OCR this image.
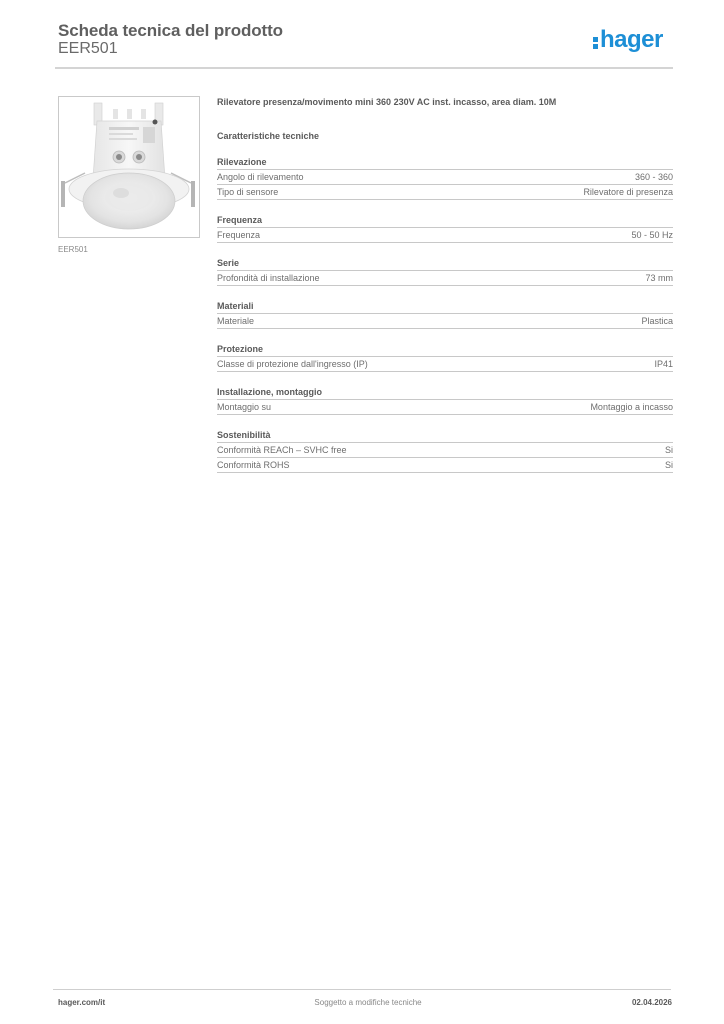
Scheda tecnica del prodotto
EER501	hager
EER501
Rilevatore presenza/movimento mini 360 230V AC inst. incasso, area diam. 10M
Caratteristiche tecniche
Rilevazione
Angolo di rilevamento	360 - 360
Tipo di sensore	Rilevatore di presenza
Frequenza
Frequenza	50 - 50 Hz
Serie
Profondità di installazione	73 mm
Materiali
Materiale	Plastica
Protezione
Classe di protezione dall'ingresso (IP)	IP41
Installazione, montaggio
Montaggio su	Montaggio a incasso
Sostenibilità
Conformità REACh – SVHC free	Si
Conformità ROHS	Si
hager.com/it	Soggetto a modifiche tecniche	02.04.2026
